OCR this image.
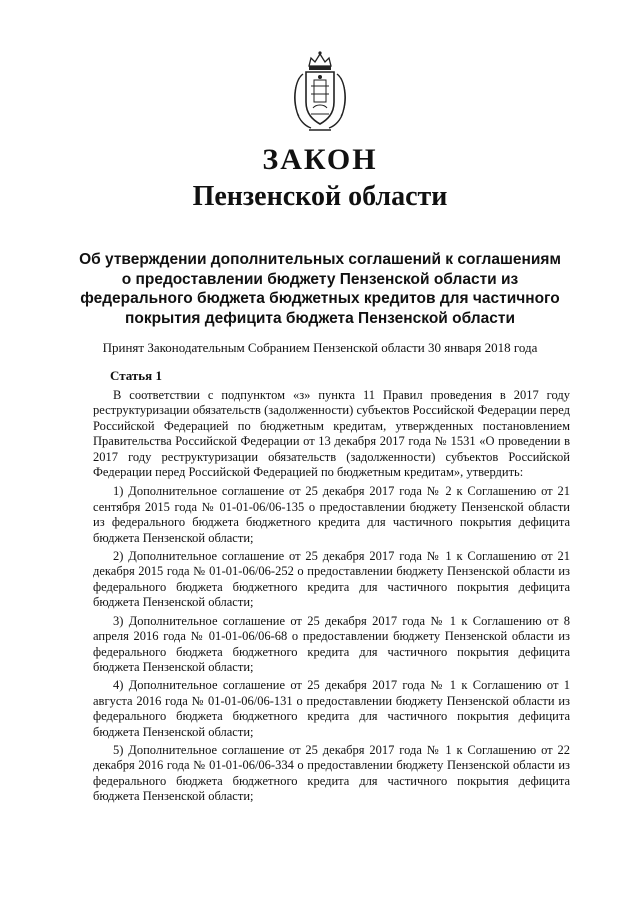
ЗАКОН
Пензенской области
Об утверждении дополнительных соглашений к соглашениям
о предоставлении бюджету Пензенской области из
федерального бюджета бюджетных кредитов для частичного
покрытия дефицита бюджета Пензенской области
Принят Законодательным Собранием Пензенской области 30 января 2018 года
Статья 1

В соответствии с подпунктом «з» пункта 11 Правил проведения в 2017 году реструктуризации обязательств (задолженности) субъектов Российской Федерации перед Российской Федерацией по бюджетным кредитам, утвержденных постановлением Правительства Российской Федерации от 13 декабря 2017 года № 1531 «О проведении в 2017 году реструктуризации обязательств (задолженности) субъектов Российской Федерации перед Российской Федерацией по бюджетным кредитам», утвердить:

1) Дополнительное соглашение от 25 декабря 2017 года № 2 к Соглашению от 21 сентября 2015 года № 01-01-06/06-135 о предоставлении бюджету Пензенской области из федерального бюджета бюджетного кредита для частичного покрытия дефицита бюджета Пензенской области;

2) Дополнительное соглашение от 25 декабря 2017 года № 1 к Соглашению от 21 декабря 2015 года № 01-01-06/06-252 о предоставлении бюджету Пензенской области из федерального бюджета бюджетного кредита для частичного покрытия дефицита бюджета Пензенской области;

3) Дополнительное соглашение от 25 декабря 2017 года № 1 к Соглашению от 8 апреля 2016 года № 01-01-06/06-68 о предоставлении бюджету Пензенской области из федерального бюджета бюджетного кредита для частичного покрытия дефицита бюджета Пензенской области;

4) Дополнительное соглашение от 25 декабря 2017 года № 1 к Соглашению от 1 августа 2016 года № 01-01-06/06-131 о предоставлении бюджету Пензенской области из федерального бюджета бюджетного кредита для частичного покрытия дефицита бюджета Пензенской области;

5) Дополнительное соглашение от 25 декабря 2017 года № 1 к Соглашению от 22 декабря 2016 года № 01-01-06/06-334 о предоставлении бюджету Пензенской области из федерального бюджета бюджетного кредита для частичного покрытия дефицита бюджета Пензенской области;
